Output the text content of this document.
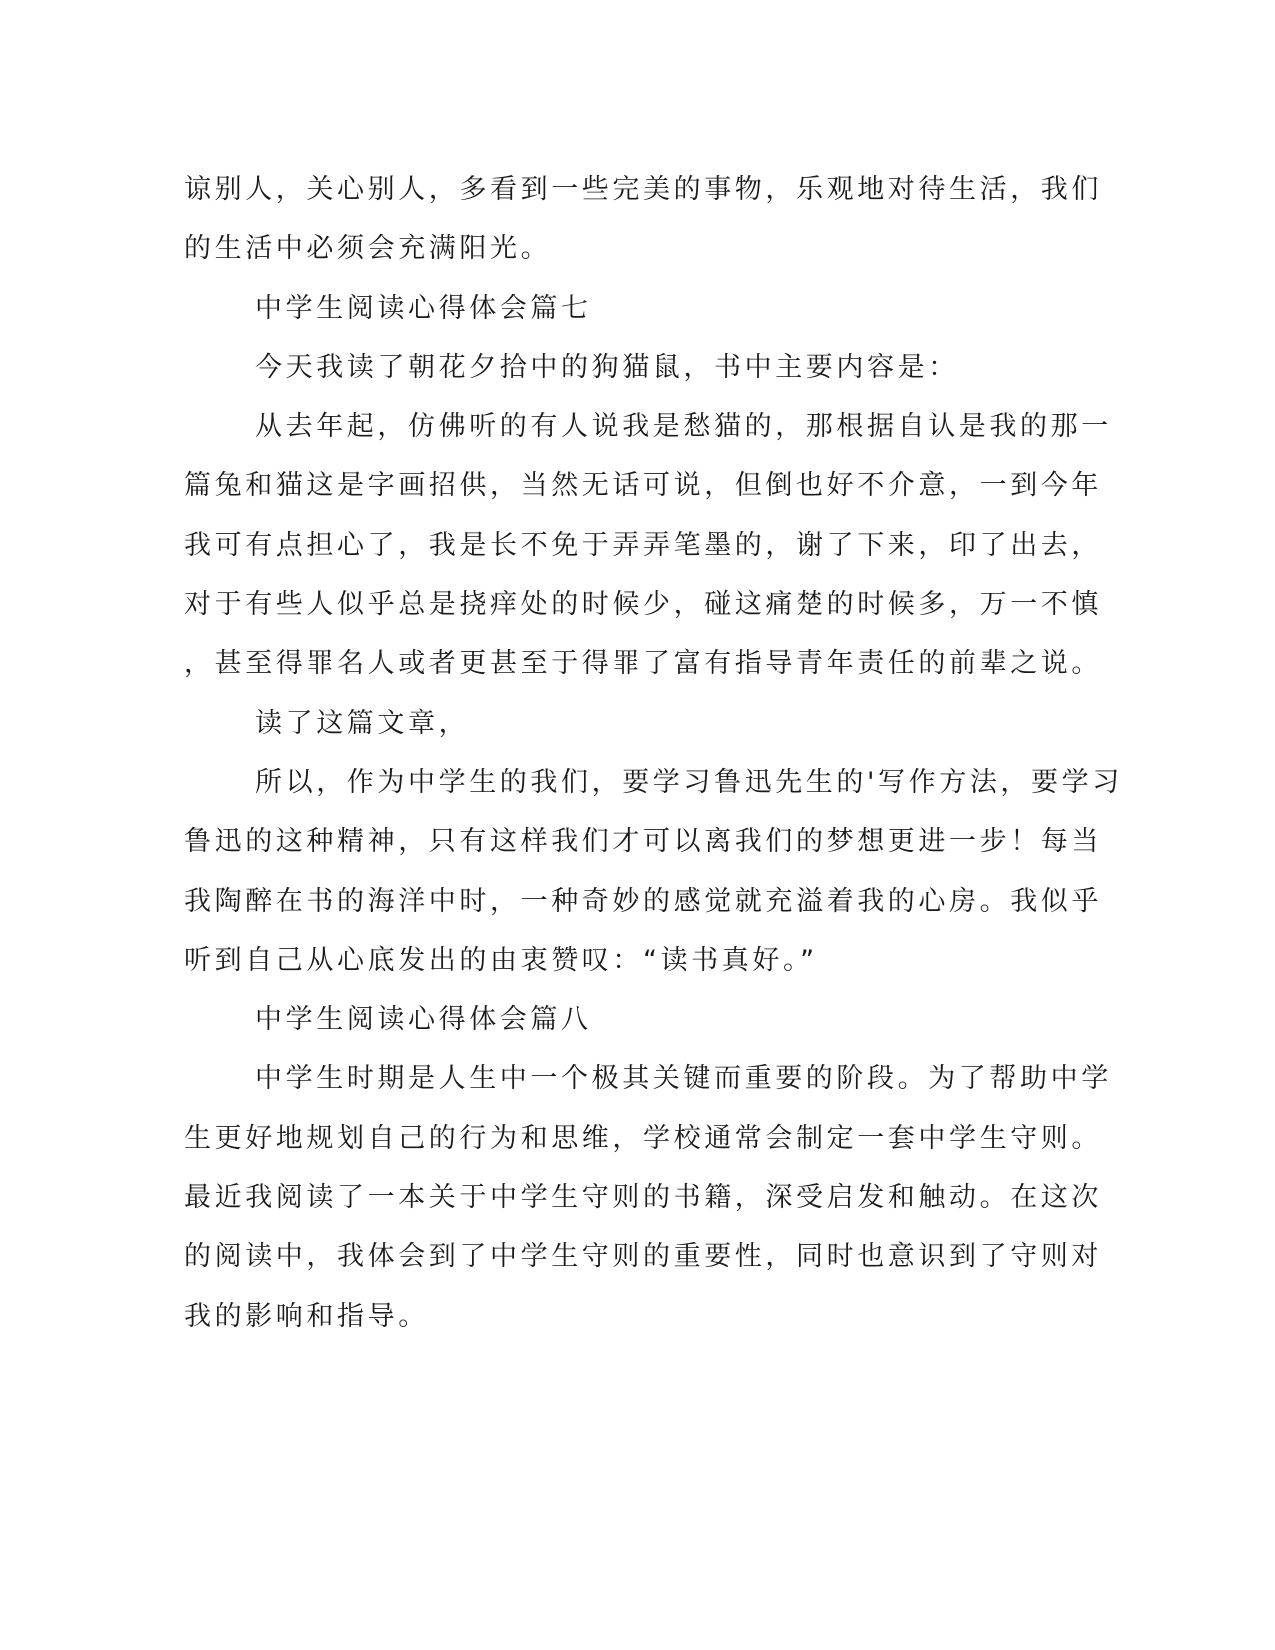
谅别人，关心别人，多看到一些完美的事物，乐观地对待生活，我们
的生活中必须会充满阳光。
中学生阅读心得体会篇七
今天我读了朝花夕拾中的狗猫鼠，书中主要内容是：
从去年起，仿佛听的有人说我是愁猫的，那根据自认是我的那一
篇兔和猫这是字画招供，当然无话可说，但倒也好不介意，一到今年
我可有点担心了，我是长不免于弄弄笔墨的，谢了下来，印了出去，
对于有些人似乎总是挠痒处的时候少，碰这痛楚的时候多，万一不慎
，甚至得罪名人或者更甚至于得罪了富有指导青年责任的前辈之说。
读了这篇文章，
所以，作为中学生的我们，要学习鲁迅先生的'写作方法，要学习
鲁迅的这种精神，只有这样我们才可以离我们的梦想更进一步！每当
我陶醉在书的海洋中时，一种奇妙的感觉就充溢着我的心房。我似乎
听到自己从心底发出的由衷赞叹：“读书真好。”
中学生阅读心得体会篇八
中学生时期是人生中一个极其关键而重要的阶段。为了帮助中学
生更好地规划自己的行为和思维，学校通常会制定一套中学生守则。
最近我阅读了一本关于中学生守则的书籍，深受启发和触动。在这次
的阅读中，我体会到了中学生守则的重要性，同时也意识到了守则对
我的影响和指导。
